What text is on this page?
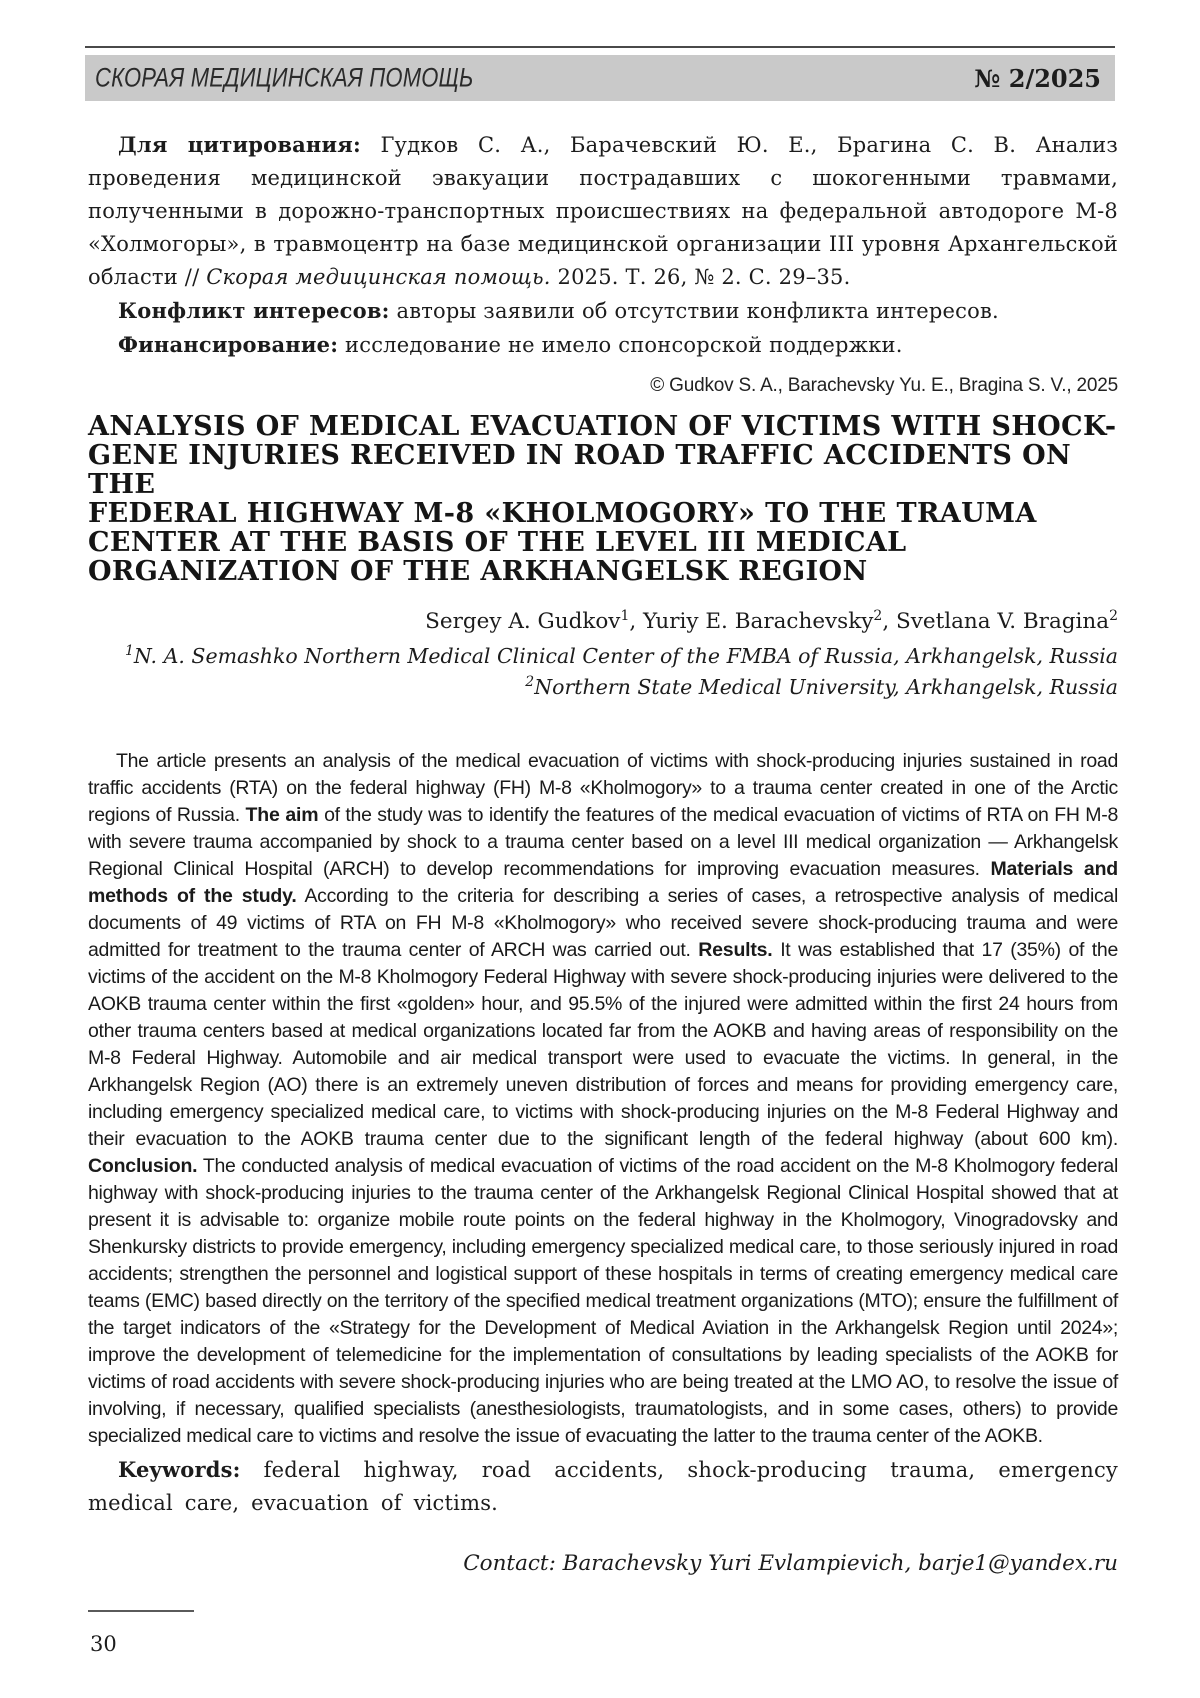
СКОРАЯ МЕДИЦИНСКАЯ ПОМОЩЬ	№ 2/2025

Для цитирования: Гудков С. А., Барачевский Ю. Е., Брагина С. В. Анализ проведения медицинской эвакуации пострадавших с шокогенными травмами, полученными в дорожно-транспортных происшествиях на федеральной автодороге М-8 «Холмогоры», в травмоцентр на базе медицинской организации III уровня Архангельской области // Скорая медицинская помощь. 2025. Т. 26, № 2. С. 29–35.

Конфликт интересов: авторы заявили об отсутствии конфликта интересов.

Финансирование: исследование не имело спонсорской поддержки.

© Gudkov S. A., Barachevsky Yu. E., Bragina S. V., 2025

ANALYSIS OF MEDICAL EVACUATION OF VICTIMS WITH SHOCK-
GENE INJURIES RECEIVED IN ROAD TRAFFIC ACCIDENTS ON THE
FEDERAL HIGHWAY M-8 «KHOLMOGORY» TO THE TRAUMA
CENTER AT THE BASIS OF THE LEVEL III MEDICAL
ORGANIZATION OF THE ARKHANGELSK REGION

Sergey A. Gudkov$^1$, Yuriy E. Barachevsky$^2$, Svetlana V. Bragina$^2$

$^1$N. A. Semashko Northern Medical Clinical Center of the FMBA of Russia, Arkhangelsk, Russia

$^2$Northern State Medical University, Arkhangelsk, Russia

The article presents an analysis of the medical evacuation of victims with shock-producing injuries sustained in road traffic accidents (RTA) on the federal highway (FH) M-8 «Kholmogory» to a trauma center created in one of the Arctic regions of Russia. The aim of the study was to identify the features of the medical evacuation of victims of RTA on FH M-8 with severe trauma accompanied by shock to a trauma center based on a level III medical organization — Arkhangelsk Regional Clinical Hospital (ARCH) to develop recommendations for improving evacuation measures. Materials and methods of the study. According to the criteria for describing a series of cases, a retrospective analysis of medical documents of 49 victims of RTA on FH M-8 «Kholmogory» who received severe shock-producing trauma and were admitted for treatment to the trauma center of ARCH was carried out. Results. It was established that 17 (35%) of the victims of the accident on the M-8 Kholmogory Federal Highway with severe shock-producing injuries were delivered to the AOKB trauma center within the first «golden» hour, and 95.5% of the injured were admitted within the first 24 hours from other trauma centers based at medical organizations located far from the AOKB and having areas of responsibility on the M-8 Federal Highway. Automobile and air medical transport were used to evacuate the victims. In general, in the Arkhangelsk Region (AO) there is an extremely uneven distribution of forces and means for providing emergency care, including emergency specialized medical care, to victims with shock-producing injuries on the M-8 Federal Highway and their evacuation to the AOKB trauma center due to the significant length of the federal highway (about 600 km). Conclusion. The conducted analysis of medical evacuation of victims of the road accident on the M-8 Kholmogory federal highway with shock-producing injuries to the trauma center of the Arkhangelsk Regional Clinical Hospital showed that at present it is advisable to: organize mobile route points on the federal highway in the Kholmogory, Vinogradovsky and Shenkursky districts to provide emergency, including emergency specialized medical care, to those seriously injured in road accidents; strengthen the personnel and logistical support of these hospitals in terms of creating emergency medical care teams (EMC) based directly on the territory of the specified medical treatment organizations (MTO); ensure the fulfillment of the target indicators of the «Strategy for the Development of Medical Aviation in the Arkhangelsk Region until 2024»; improve the development of telemedicine for the implementation of consultations by leading specialists of the AOKB for victims of road accidents with severe shock-producing injuries who are being treated at the LMO AO, to resolve the issue of involving, if necessary, qualified specialists (anesthesiologists, traumatologists, and in some cases, others) to provide specialized medical care to victims and resolve the issue of evacuating the latter to the trauma center of the AOKB.

Keywords: federal highway, road accidents, shock-producing trauma, emergency medical care, evacuation of victims.

Contact: Barachevsky Yuri Evlampievich, barje1@yandex.ru

30
